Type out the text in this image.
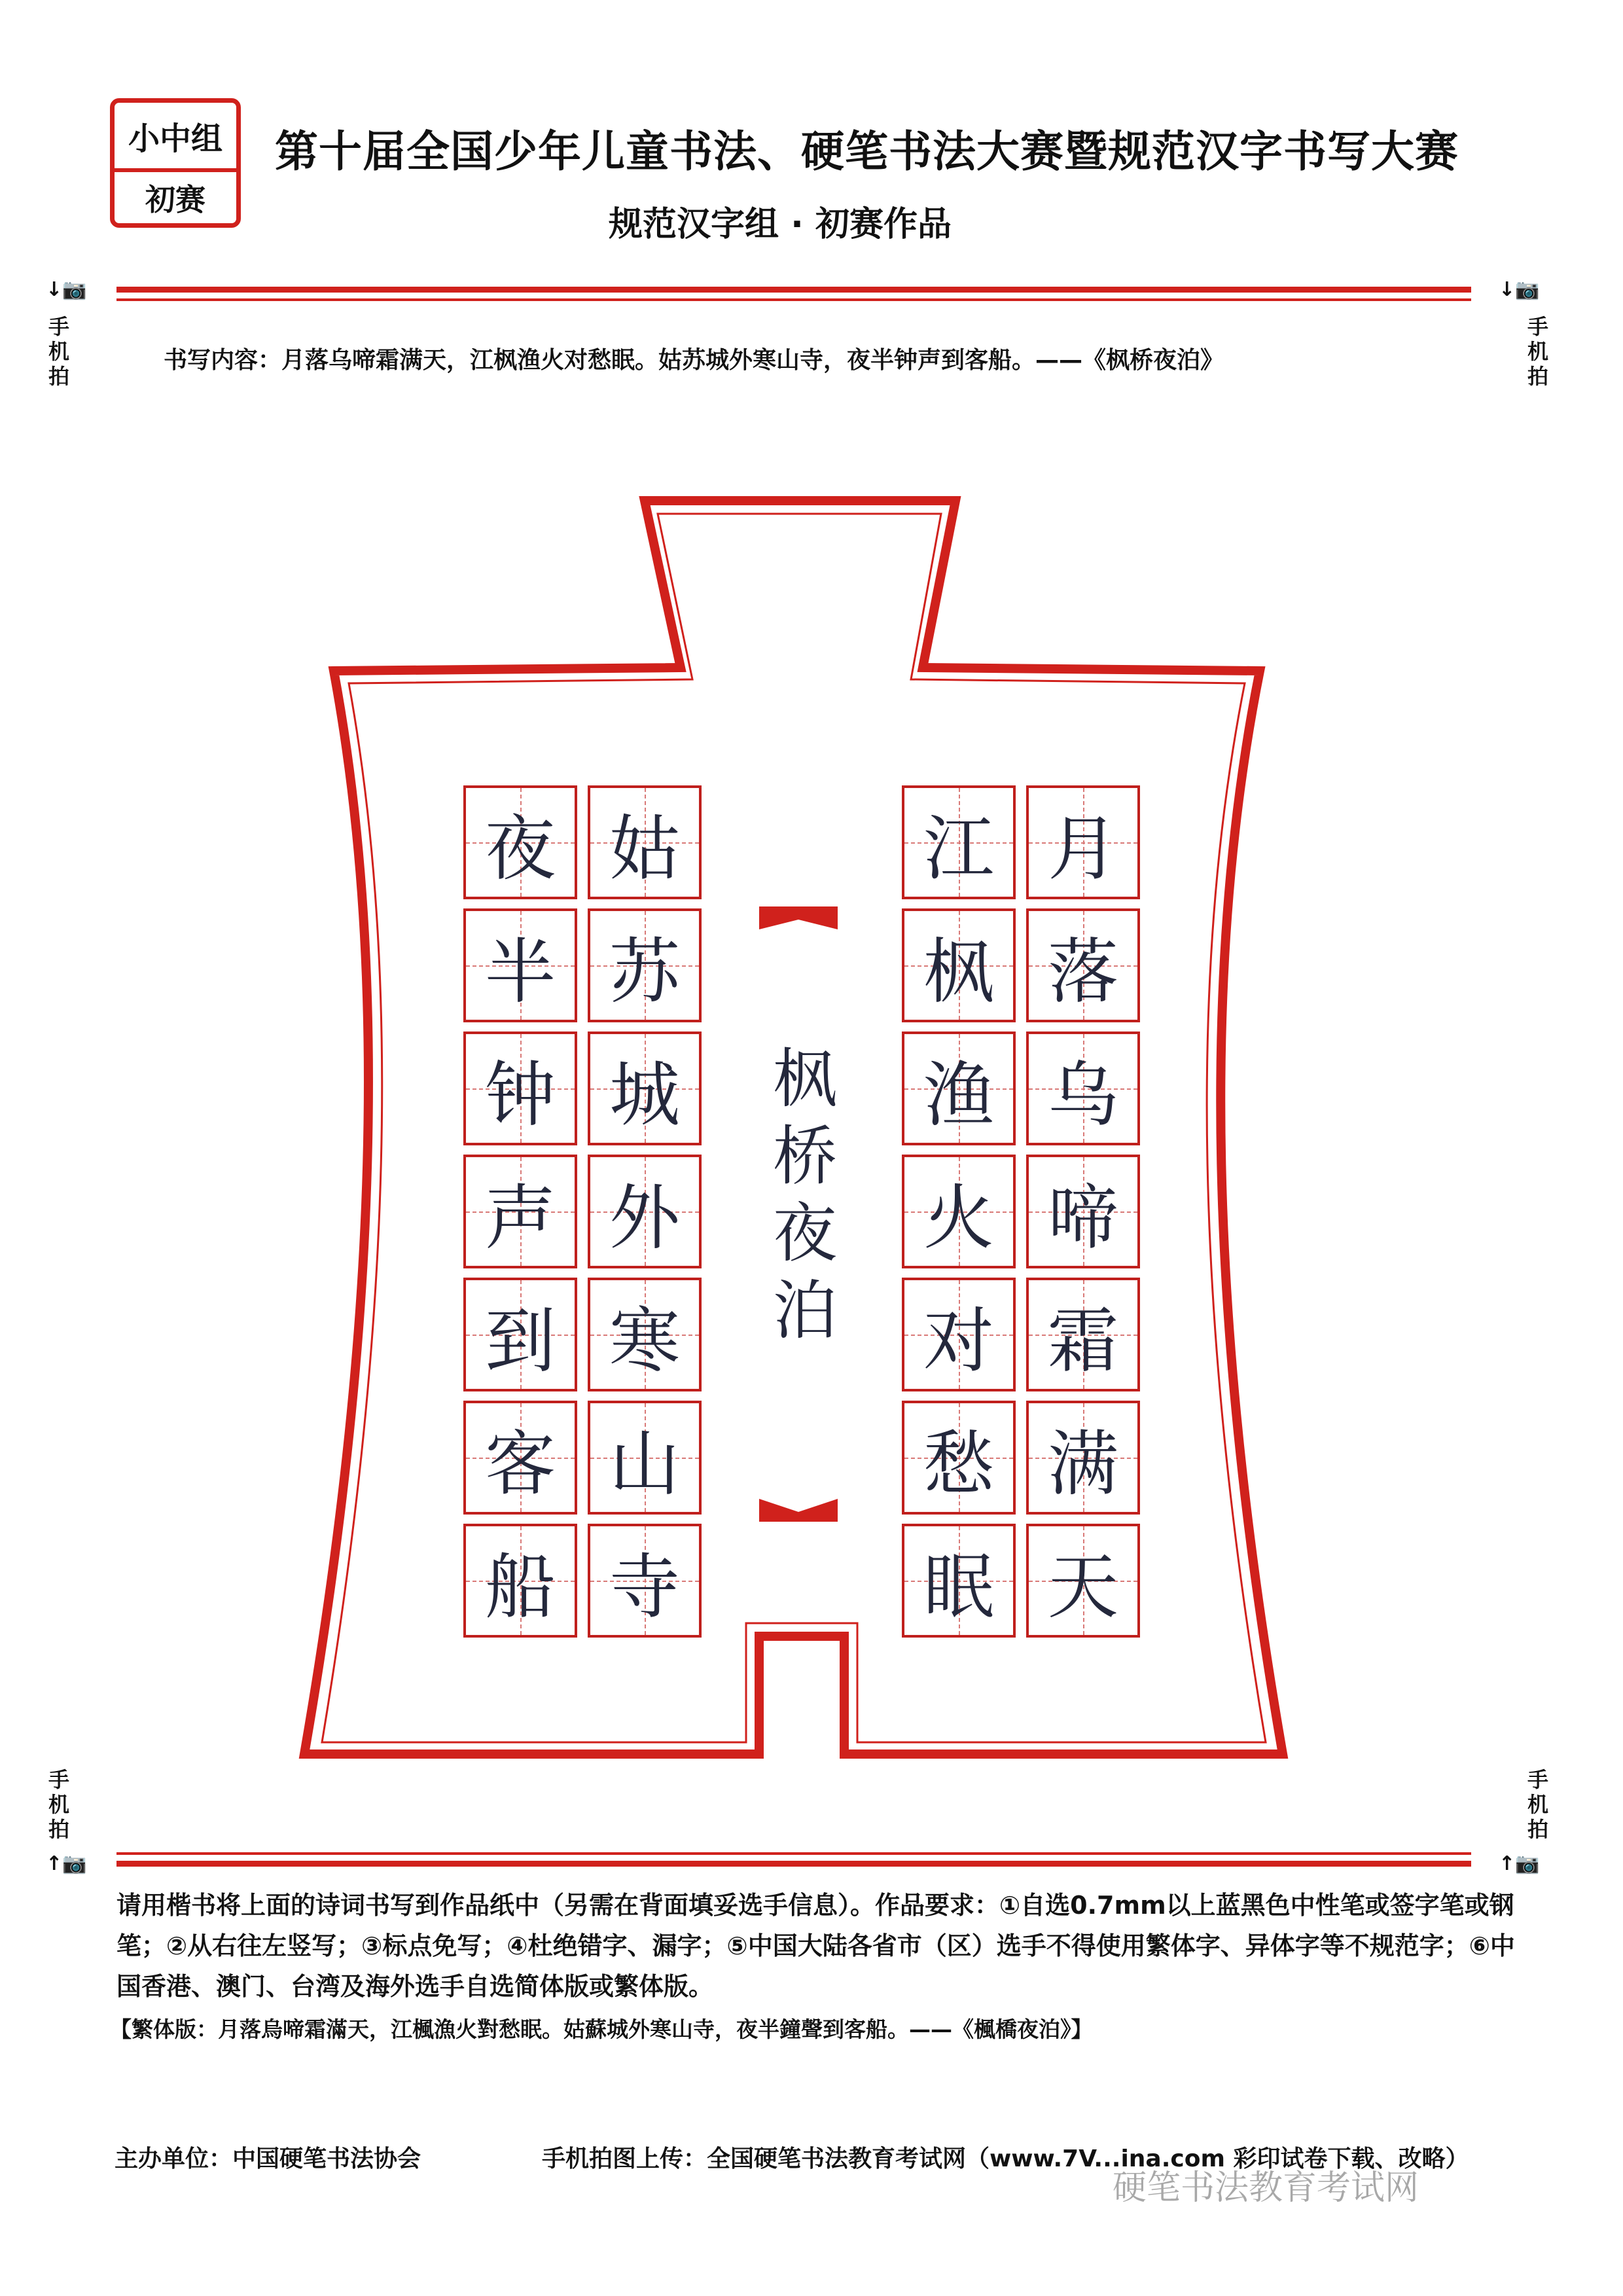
小中组
初赛
第十届全国少年儿童书法、硬笔书法大赛暨规范汉字书写大赛
规范汉字组 · 初赛作品
↓📷
手机拍
↓📷
手机拍
书写内容：月落乌啼霜满天，江枫渔火对愁眠。姑苏城外寒山寺，夜半钟声到客船。——《枫桥夜泊》
枫
桥
夜
泊
月
落
乌
啼
霜
满
天
江
枫
渔
火
对
愁
眠
姑
苏
城
外
寒
山
寺
夜
半
钟
声
到
客
船
手机拍
↑📷
手机拍
↑📷
请用楷书将上面的诗词书写到作品纸中（另需在背面填妥选手信息）。作品要求：①自选0.7mm以上蓝黑色中性笔或签字笔或钢笔；②从右往左竖写；③标点免写；④杜绝错字、漏字；⑤中国大陆各省市（区）选手不得使用繁体字、异体字等不规范字；⑥中国香港、澳门、台湾及海外选手自选简体版或繁体版。
【繁体版：月落烏啼霜滿天，江楓漁火對愁眠。姑蘇城外寒山寺，夜半鐘聲到客船。——《楓橋夜泊》】
主办单位：中国硬笔书法协会	手机拍图上传：全国硬笔书法教育考试网（www.7V...ina.com 彩印试卷下载、改略）
硬笔书法教育考试网
